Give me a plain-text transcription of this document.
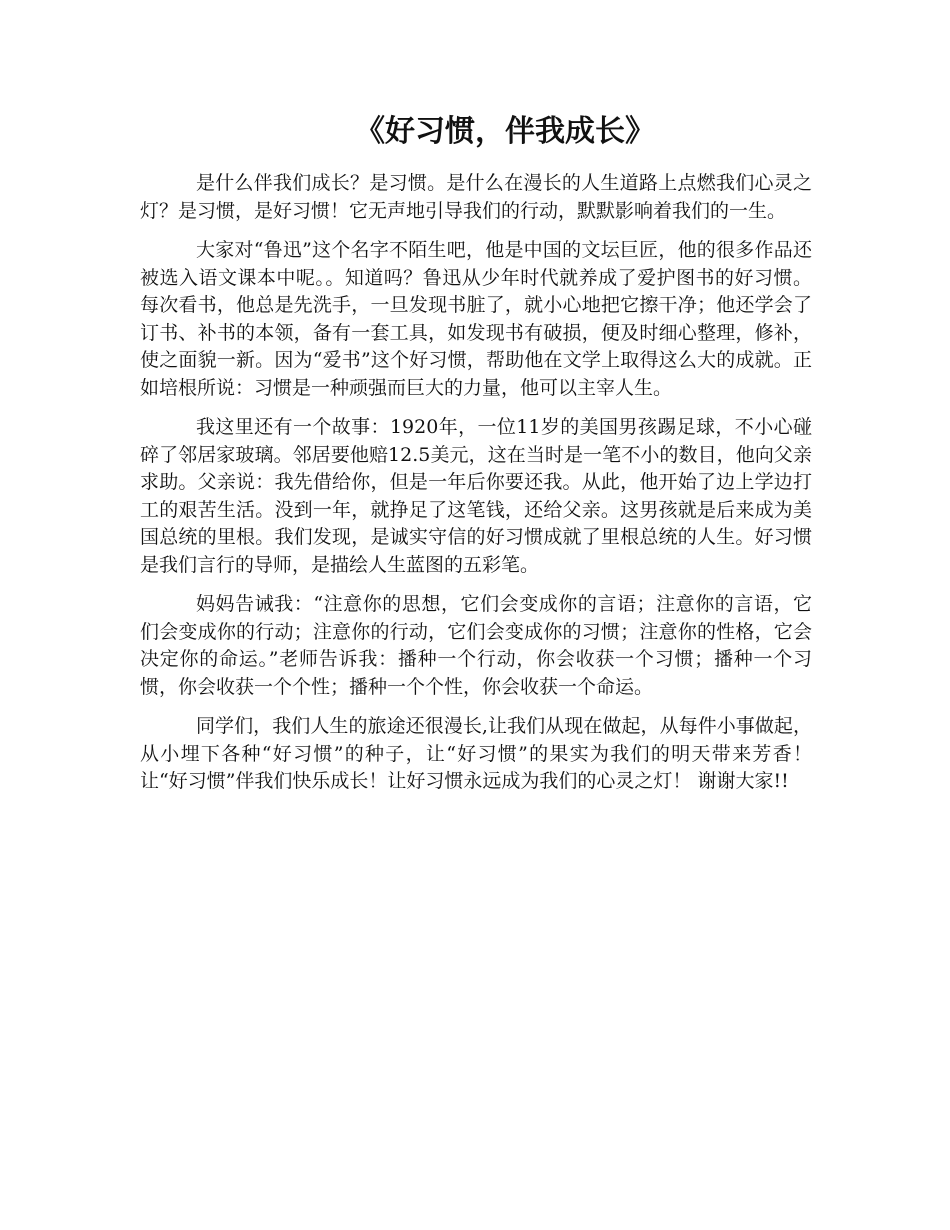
《好习惯，伴我成长》

是什么伴我们成长？是习惯。是什么在漫长的人生道路上点燃我们心灵之灯？是习惯，是好习惯！它无声地引导我们的行动，默默影响着我们的一生。

大家对“鲁迅”这个名字不陌生吧，他是中国的文坛巨匠，他的很多作品还被选入语文课本中呢。。知道吗？鲁迅从少年时代就养成了爱护图书的好习惯。每次看书，他总是先洗手，一旦发现书脏了，就小心地把它擦干净；他还学会了订书、补书的本领，备有一套工具，如发现书有破损，便及时细心整理，修补，使之面貌一新。因为“爱书”这个好习惯，帮助他在文学上取得这么大的成就。正如培根所说：习惯是一种顽强而巨大的力量，他可以主宰人生。

我这里还有一个故事：1920年，一位11岁的美国男孩踢足球，不小心碰碎了邻居家玻璃。邻居要他赔12.5美元，这在当时是一笔不小的数目，他向父亲求助。父亲说：我先借给你，但是一年后你要还我。从此，他开始了边上学边打工的艰苦生活。没到一年，就挣足了这笔钱，还给父亲。这男孩就是后来成为美国总统的里根。我们发现，是诚实守信的好习惯成就了里根总统的人生。好习惯是我们言行的导师，是描绘人生蓝图的五彩笔。

妈妈告诫我：“注意你的思想，它们会变成你的言语；注意你的言语，它们会变成你的行动；注意你的行动，它们会变成你的习惯；注意你的性格，它会决定你的命运。”老师告诉我：播种一个行动，你会收获一个习惯；播种一个习惯，你会收获一个个性；播种一个个性，你会收获一个命运。

同学们，我们人生的旅途还很漫长,让我们从现在做起，从每件小事做起，从小埋下各种“好习惯”的种子，让“好习惯”的果实为我们的明天带来芳香！让“好习惯”伴我们快乐成长！让好习惯永远成为我们的心灵之灯！ 谢谢大家!!
